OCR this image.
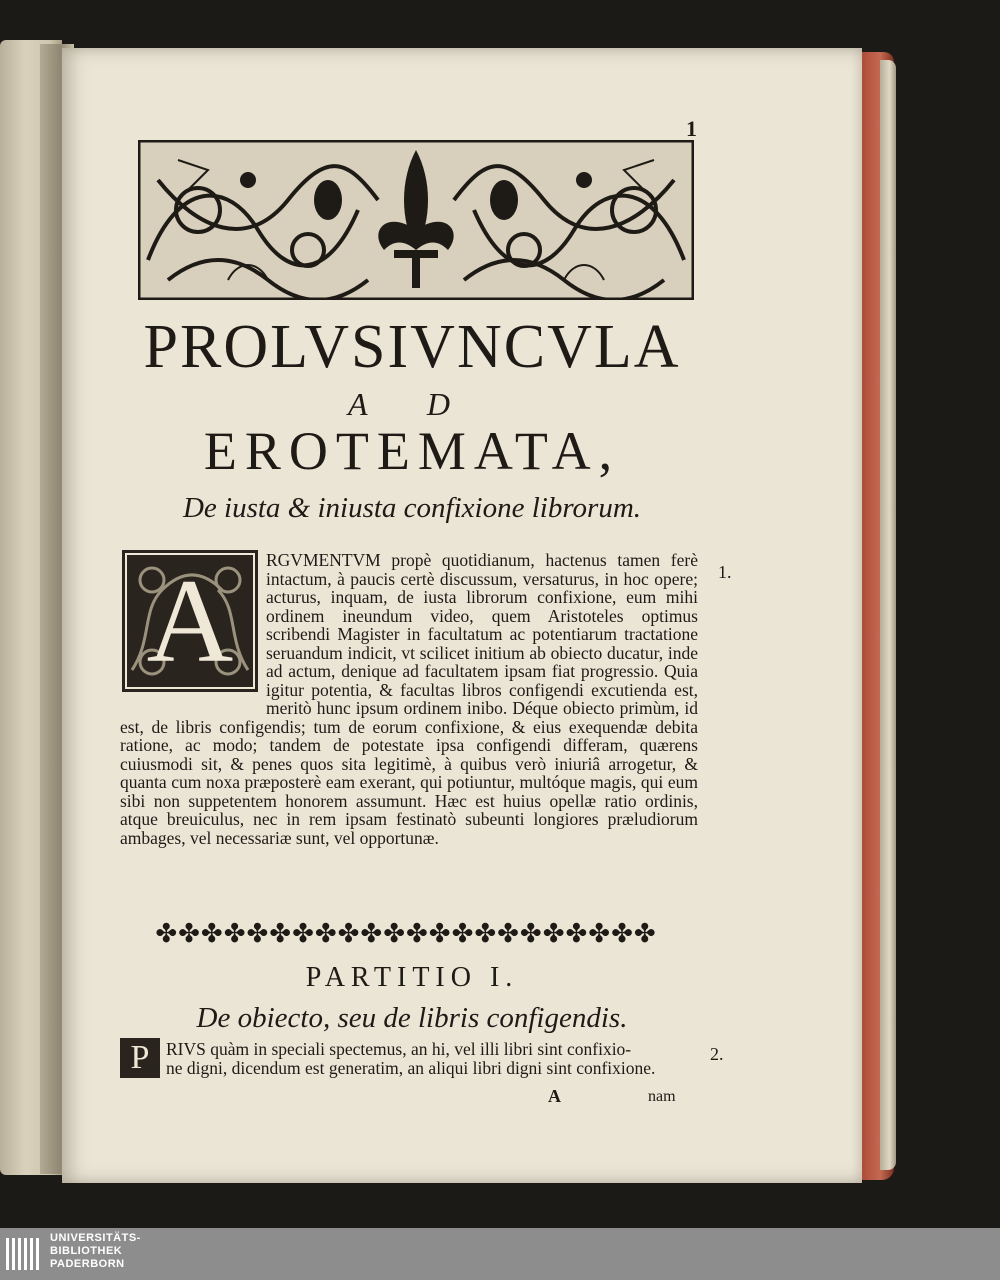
1
PROLVSIVNCVLA
A D
EROTEMATA,
De iusta & iniusta confixione librorum.
A	RGVMENTVM propè quotidianum, hactenus tamen ferè intactum, à paucis certè discussum, versaturus, in hoc opere; acturus, inquam, de iusta librorum confixione, eum mihi ordinem ineundum video, quem Aristoteles optimus scribendi Magister in facultatum ac potentiarum tractatione seruandum indicit, vt scilicet initium ab obiecto ducatur, inde ad actum, denique ad facultatem ipsam fiat progressio. Quia igitur potentia, & facultas libros configendi excutienda est, meritò hunc ipsum ordinem inibo. Déque obiecto primùm, id est, de libris configendis; tum de eorum confixione, & eius exequendæ debita ratione, ac modo; tandem de potestate ipsa configendi differam, quærens cuiusmodi sit, & penes quos sita legitimè, à quibus verò iniuriâ arrogetur, & quanta cum noxa præposterè eam exerant, qui potiuntur, multóque magis, qui eum sibi non suppetentem honorem assumunt. Hæc est huius opellæ ratio ordinis, atque breuiculus, nec in rem ipsam festinatò subeunti longiores præludiorum ambages, vel necessariæ sunt, vel opportunæ.

1.
✤✤✤✤✤✤✤✤✤✤✤✤✤✤✤✤✤✤✤✤✤✤
PARTITIO I.
De obiecto, seu de libris configendis.
P RIVS quàm in speciali spectemus, an hi, vel illi libri sint confixio-
ne digni, dicendum est generatim, an aliqui libri digni sint confixione.
2.
A	nam
UNIVERSITÄTS-
BIBLIOTHEK
PADERBORN
